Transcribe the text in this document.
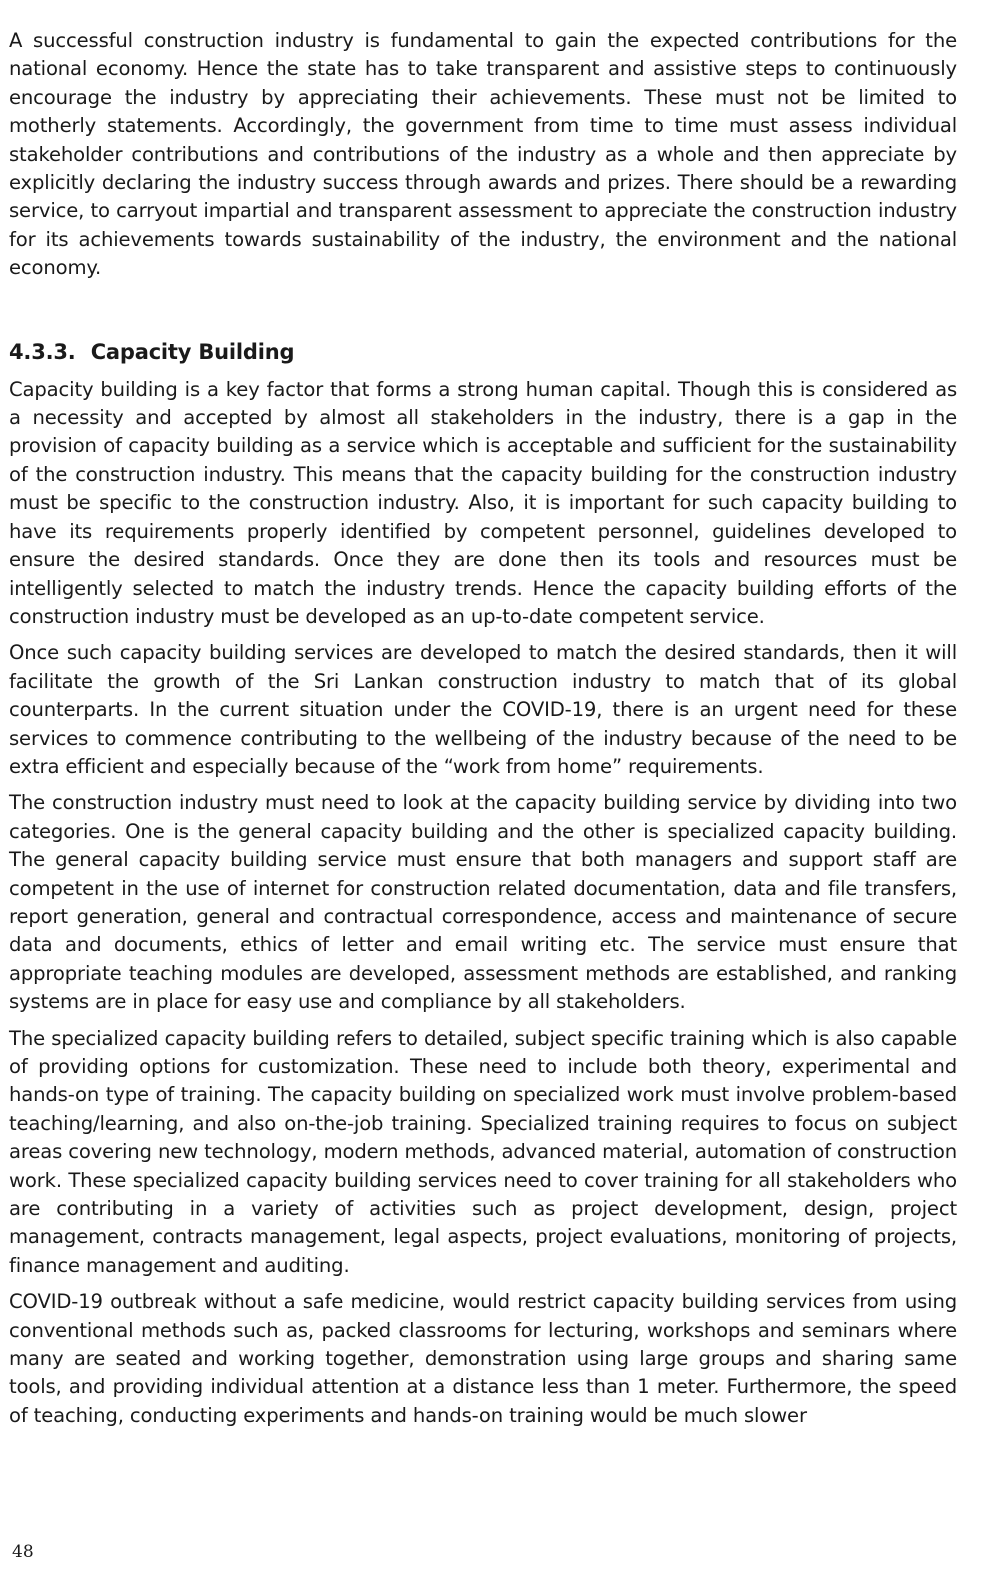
A successful construction industry is fundamental to gain the expected contributions for the national economy. Hence the state has to take transparent and assistive steps to continuously encourage the industry by appreciating their achievements. These must not be limited to motherly statements. Accordingly, the government from time to time must assess individual stakeholder contributions and contributions of the industry as a whole and then appreciate by explicitly declaring the industry success through awards and prizes. There should be a rewarding service, to carryout impartial and transparent assessment to appreciate the construction industry for its achievements towards sustainability of the industry, the environment and the national economy.

4.3.3. Capacity Building

Capacity building is a key factor that forms a strong human capital. Though this is considered as a necessity and accepted by almost all stakeholders in the industry, there is a gap in the provision of capacity building as a service which is acceptable and sufficient for the sustainability of the construction industry. This means that the capacity building for the construction industry must be specific to the construction industry. Also, it is important for such capacity building to have its requirements properly identified by competent personnel, guidelines developed to ensure the desired standards. Once they are done then its tools and resources must be intelligently selected to match the industry trends. Hence the capacity building efforts of the construction industry must be developed as an up-to-date competent service.

Once such capacity building services are developed to match the desired standards, then it will facilitate the growth of the Sri Lankan construction industry to match that of its global counterparts. In the current situation under the COVID-19, there is an urgent need for these services to commence contributing to the wellbeing of the industry because of the need to be extra efficient and especially because of the “work from home” requirements.

The construction industry must need to look at the capacity building service by dividing into two categories. One is the general capacity building and the other is specialized capacity building. The general capacity building service must ensure that both managers and support staff are competent in the use of internet for construction related documentation, data and file transfers, report generation, general and contractual correspondence, access and maintenance of secure data and documents, ethics of letter and email writing etc. The service must ensure that appropriate teaching modules are developed, assessment methods are established, and ranking systems are in place for easy use and compliance by all stakeholders.

The specialized capacity building refers to detailed, subject specific training which is also capable of providing options for customization. These need to include both theory, experimental and hands-on type of training. The capacity building on specialized work must involve problem-based teaching/learning, and also on-the-job training. Specialized training requires to focus on subject areas covering new technology, modern methods, advanced material, automation of construction work. These specialized capacity building services need to cover training for all stakeholders who are contributing in a variety of activities such as project development, design, project management, contracts management, legal aspects, project evaluations, monitoring of projects, finance management and auditing.

COVID-19 outbreak without a safe medicine, would restrict capacity building services from using conventional methods such as, packed classrooms for lecturing, workshops and seminars where many are seated and working together, demonstration using large groups and sharing same tools, and providing individual attention at a distance less than 1 meter. Furthermore, the speed of teaching, conducting experiments and hands-on training would be much slower

48
